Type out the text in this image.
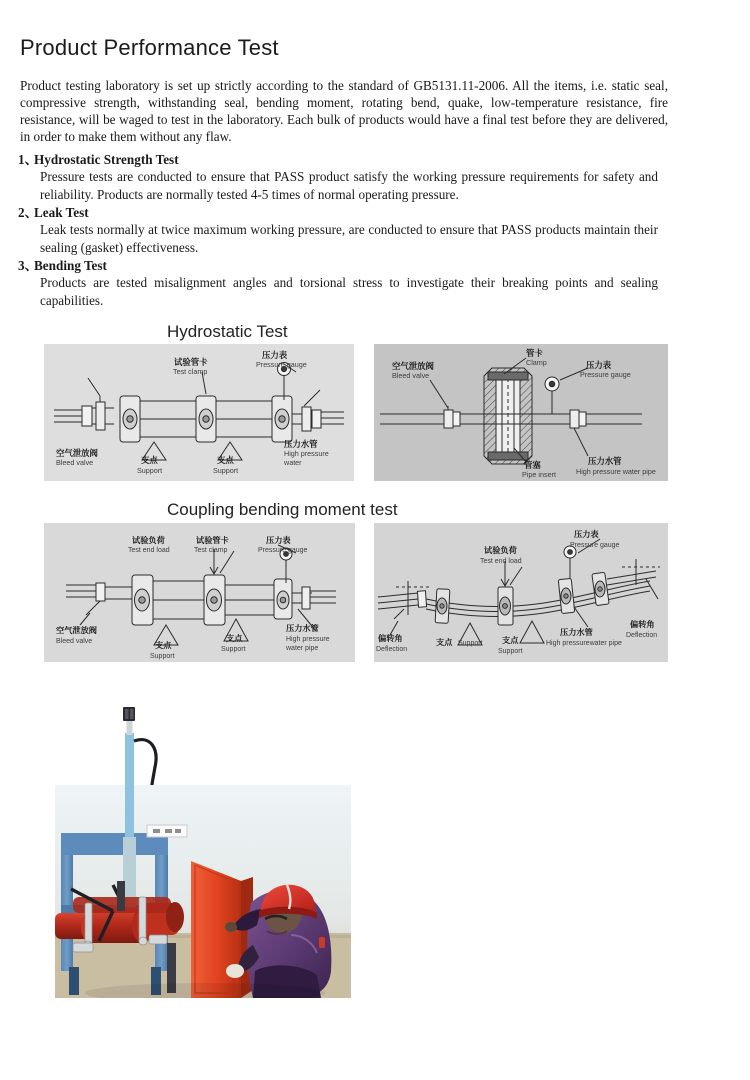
Product Performance Test

Product testing laboratory is set up strictly according to the standard of GB5131.11-2006. All the items, i.e. static seal, compressive strength, withstanding seal, bending moment, rotating bend, quake, low-temperature resistance, fire resistance, will be waged to test in the laboratory. Each bulk of products would have a final test before they are delivered, in order to make them without any flaw.

1、
Hydrostatic Strength Test
Pressure tests are conducted to ensure that PASS product satisfy the working pressure requirements for safety and reliability. Products are normally tested 4-5 times of normal operating pressure.
2、
Leak Test
Leak tests normally at twice maximum working pressure, are conducted to ensure that PASS products maintain their sealing (gasket) effectiveness.
3、
Bending Test
Products are tested misalignment angles and torsional stress to investigate their breaking points and sealing capabilities.
Hydrostatic Test
试验管卡
Test clamp
压力表
Pressure gauge
空气泄放阀
Bleed valve	支点
Support
支点
Support
压力水管
High pressure
water
空气泄放阀
Bleed valve
管卡
Clamp	压力表
Pressure gauge
管塞
Pipe insert
压力水管
High pressure water pipe
Coupling bending moment test
试验负荷
Test end load
试验管卡
Test clamp
压力表
Pressure gauge
空气泄放阀
Bleed valve	支点
Support
支点
Support
压力水管
High pressure
water pipe
试验负荷
Test end load
压力表
Pressure gauge
偏转角
Deflection
支点 Support 支点
Support
压力水管
High pressurewater pipe
偏转角
Deflection
